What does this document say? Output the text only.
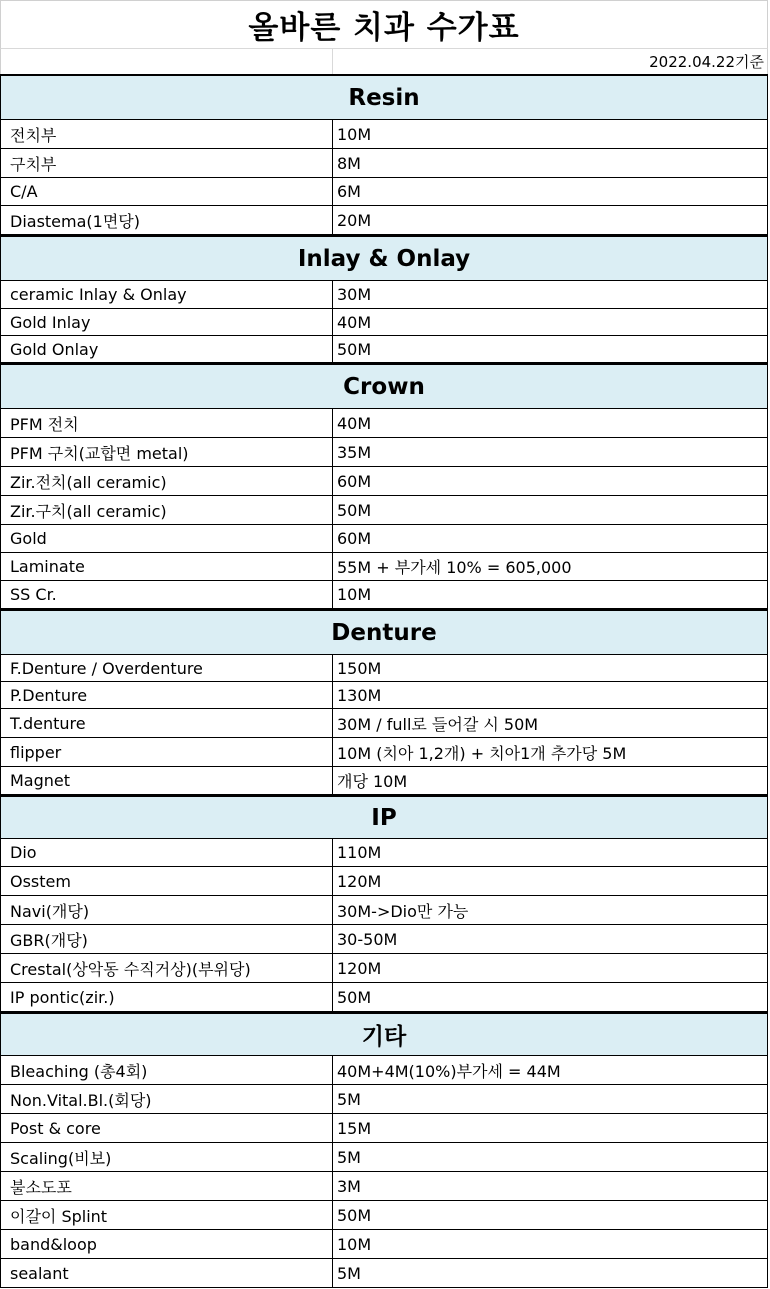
올바른 치과 수가표
2022.04.22기준
Resin
전치부	10M
구치부	8M
C/A	6M
Diastema(1면당)	20M
Inlay & Onlay
ceramic Inlay & Onlay	30M
Gold Inlay	40M
Gold Onlay	50M
Crown
PFM 전치	40M
PFM 구치(교합면 metal)	35M
Zir.전치(all ceramic)	60M
Zir.구치(all ceramic)	50M
Gold	60M
Laminate	55M + 부가세 10% = 605,000
SS Cr.	10M
Denture
F.Denture / Overdenture	150M
P.Denture	130M
T.denture	30M / full로 들어갈 시 50M
flipper	10M (치아 1,2개) + 치아1개 추가당 5M
Magnet	개당 10M
IP
Dio	110M
Osstem	120M
Navi(개당)	30M->Dio만 가능
GBR(개당)	30-50M
Crestal(상악동 수직거상)(부위당)	120M
IP pontic(zir.)	50M
기타
Bleaching (총4회)	40M+4M(10%)부가세 = 44M
Non.Vital.Bl.(회당)	5M
Post & core	15M
Scaling(비보)	5M
불소도포	3M
이갈이 Splint	50M
band&loop	10M
sealant	5M
